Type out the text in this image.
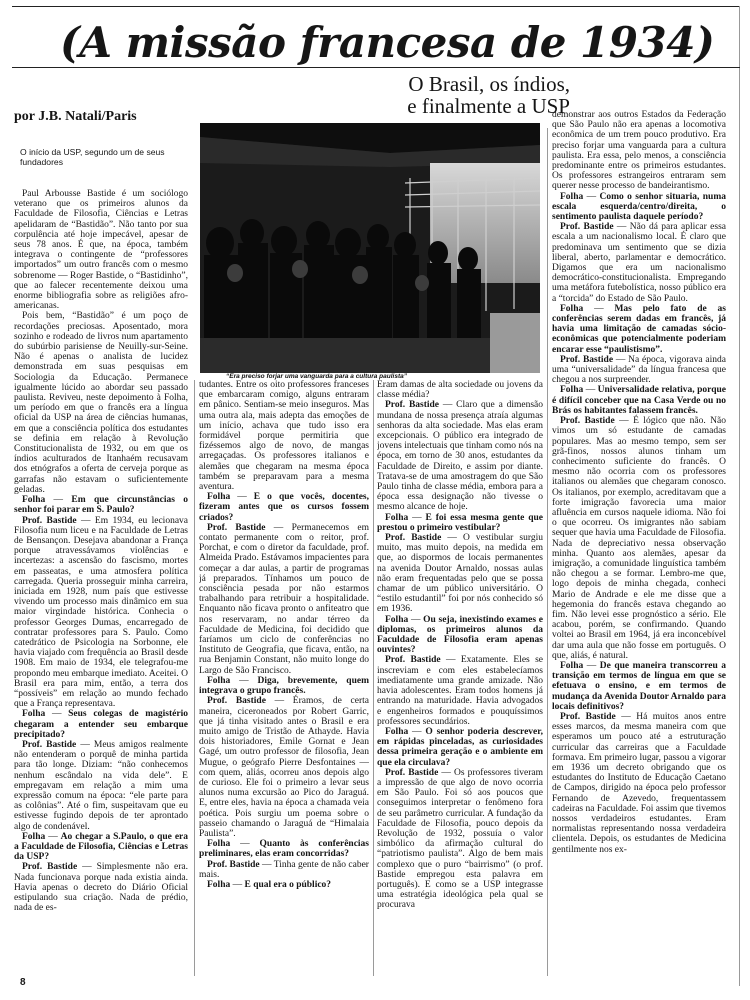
(A missão francesa de 1934)
O Brasil, os índios,
e finalmente a USP
por J.B. Natali/Paris
O início da USP, segundo um de seus fundadores
“Era preciso forjar uma vanguarda para a cultura paulista”

Paul Arbousse Bastide é um sociólogo veterano que os primeiros alunos da Faculdade de Filosofia, Ciências e Letras apelidaram de “Bastidão”. Não tanto por sua corpulência até hoje impecável, apesar de seus 78 anos. É que, na época, também integrava o contingente de “professores importados” um outro francês com o mesmo sobrenome — Roger Bastide, o “Bastidinho”, que ao falecer recentemente deixou uma enorme bibliografia sobre as religiões afro-americanas.

Pois bem, “Bastidão” é um poço de recordações preciosas. Aposentado, mora sozinho e rodeado de livros num apartamento do subúrbio parisiense de Neuilly-sur-Seine. Não é apenas o analista de lucidez demonstrada em suas pesquisas em Sociologia da Educação. Permanece igualmente lúcido ao abordar seu passado paulista. Reviveu, neste depoimento à Folha, um período em que o francês era a língua oficial da USP na área de ciências humanas, em que a consciência política dos estudantes se definia em relação à Revolução Constitucionalista de 1932, ou em que os índios aculturados de Itanhaém recusavam dos etnógrafos a oferta de cerveja porque as garrafas não estavam o suficientemente geladas.

Folha — Em que circunstâncias o senhor foi parar em S. Paulo?

Prof. Bastide — Em 1934, eu lecionava Filosofia num liceu e na Faculdade de Letras de Bensançon. Desejava abandonar a França porque atravessávamos violências e incertezas: a ascensão do fascismo, mortes em passeatas, e uma atmosfera política carregada. Queria prosseguir minha carreira, iniciada em 1928, num país que estivesse vivendo um processo mais dinâmico em sua maior virgindade histórica. Conhecia o professor Georges Dumas, encarregado de contratar professores para S. Paulo. Como catedrático de Psicologia na Sorbonne, ele havia viajado com frequência ao Brasil desde 1908. Em maio de 1934, ele telegrafou-me propondo meu embarque imediato. Aceitei. O Brasil era para mim, então, a terra dos “possíveis” em relação ao mundo fechado que a França representava.

Folha — Seus colegas de magistério chegaram a entender seu embarque precipitado?

Prof. Bastide — Meus amigos realmente não entenderam o porquê de minha partida para tão longe. Diziam: “não conhecemos nenhum escândalo na vida dele”. E empregavam em relação a mim uma expressão comum na época: “ele parte para as colônias”. Até o fim, suspeitavam que eu estivesse fugindo depois de ter aprontado algo de condenável.

Folha — Ao chegar a S.Paulo, o que era a Faculdade de Filosofia, Ciências e Letras da USP?

Prof. Bastide — Simplesmente não era. Nada funcionava porque nada existia ainda. Havia apenas o decreto do Diário Oficial estipulando sua criação. Nada de prédio, nada de es-

tudantes. Entre os oito professores franceses que embarcaram comigo, alguns entraram em pânico. Sentiam-se meio inseguros. Mas uma outra ala, mais adepta das emoções de um início, achava que tudo isso era formidável porque permitiria que fizéssemos algo de novo, de mangas arregaçadas. Os professores italianos e alemães que chegaram na mesma época também se preparavam para a mesma aventura.

Folha — E o que vocês, docentes, fizeram antes que os cursos fossem criados?

Prof. Bastide — Permanecemos em contato permanente com o reitor, prof. Porchat, e com o diretor da faculdade, prof. Almeida Prado. Estávamos impacientes para começar a dar aulas, a partir de programas já preparados. Tínhamos um pouco de consciência pesada por não estarmos trabalhando para retribuir a hospitalidade. Enquanto não ficava pronto o anfiteatro que nos reservaram, no andar térreo da Faculdade de Medicina, foi decidido que faríamos um ciclo de conferências no Instituto de Geografia, que ficava, então, na rua Benjamin Constant, não muito longe do Largo de São Francisco.

Folha — Diga, brevemente, quem integrava o grupo francês.

Prof. Bastide — Éramos, de certa maneira, ciceroneados por Robert Garric, que já tinha visitado antes o Brasil e era muito amigo de Tristão de Athayde. Havia dois historiadores, Emile Gornat e Jean Gagé, um outro professor de filosofia, Jean Mugue, o geógrafo Pierre Desfontaines — com quem, aliás, ocorreu anos depois algo de curioso. Ele foi o primeiro a levar seus alunos numa excursão ao Pico do Jaraguá. E, entre eles, havia na época a chamada veia poética. Pois surgiu um poema sobre o passeio chamando o Jaraguá de “Himalaia Paulista”.

Folha — Quanto às conferências preliminares, elas eram concorridas?

Prof. Bastide — Tinha gente de não caber mais.

Folha — E qual era o público?

Eram damas de alta sociedade ou jovens da classe média?

Prof. Bastide — Claro que a dimensão mundana de nossa presença atraía algumas senhoras da alta sociedade. Mas elas eram excepcionais. O público era integrado de jovens intelectuais que tinham como nós na época, em torno de 30 anos, estudantes da Faculdade de Direito, e assim por diante. Tratava-se de uma amostragem do que São Paulo tinha de classe média, embora para a época essa designação não tivesse o mesmo alcance de hoje.

Folha — E foi essa mesma gente que prestou o primeiro vestibular?

Prof. Bastide — O vestibular surgiu muito, mas muito depois, na medida em que, ao dispormos de locais permanentes na avenida Doutor Arnaldo, nossas aulas não eram frequentadas pelo que se possa chamar de um público universitário. O “estilo estudantil” foi por nós conhecido só em 1936.

Folha — Ou seja, inexistindo exames e diplomas, os primeiros alunos da Faculdade de Filosofia eram apenas ouvintes?

Prof. Bastide — Exatamente. Eles se inscreviam e com eles estabelecíamos imediatamente uma grande amizade. Não havia adolescentes. Eram todos homens já entrando na maturidade. Havia advogados e engenheiros formados e pouquíssimos professores secundários.

Folha — O senhor poderia descrever, em rápidas pinceladas, as curiosidades dessa primeira geração e o ambiente em que ela circulava?

Prof. Bastide — Os professores tiveram a impressão de que algo de novo ocorria em São Paulo. Foi só aos poucos que conseguimos interpretar o fenômeno fora de seu parâmetro curricular. A fundação da Faculdade de Filosofia, pouco depois da Revolução de 1932, possuía o valor simbólico da afirmação cultural do “patriotismo paulista”. Algo de bem mais complexo que o puro “bairrismo” (o prof. Bastide empregou esta palavra em português). E como se a USP integrasse uma estratégia ideológica pela qual se procurava

demonstrar aos outros Estados da Federação que São Paulo não era apenas a locomotiva econômica de um trem pouco produtivo. Era preciso forjar uma vanguarda para a cultura paulista. Era essa, pelo menos, a consciência predominante entre os primeiros estudantes. Os professores estrangeiros entraram sem querer nesse processo de bandeirantismo.

Folha — Como o senhor situaria, numa escala esquerda/centro/direita, o sentimento paulista daquele período?

Prof. Bastide — Não dá para aplicar essa escala a um nacionalismo local. É claro que predominava um sentimento que se dizia liberal, aberto, parlamentar e democrático. Digamos que era um nacionalismo democrático-constitucionalista. Empregando uma metáfora futebolística, nosso público era a “torcida” do Estado de São Paulo.

Folha — Mas pelo fato de as conferências serem dadas em francês, já havia uma limitação de camadas sócio-econômicas que potencialmente poderiam encarar esse “paulistismo”.

Prof. Bastide — Na época, vigorava ainda uma “universalidade” da língua francesa que chegou a nos surpreender.

Folha — Universalidade relativa, porque é difícil conceber que na Casa Verde ou no Brás os habitantes falassem francês.

Prof. Bastide — É lógico que não. Não vimos um só estudante de camadas populares. Mas ao mesmo tempo, sem ser grã-finos, nossos alunos tinham um conhecimento suficiente do francês. O mesmo não ocorria com os professores italianos ou alemães que chegaram conosco. Os italianos, por exemplo, acreditavam que a forte imigração favorecia uma maior afluência em cursos naquele idioma. Não foi o que ocorreu. Os imigrantes não sabiam sequer que havia uma Faculdade de Filosofia. Nada de depreciativo nessa observação minha. Quanto aos alemães, apesar da imigração, a comunidade linguística também não chegou a se formar. Lembro-me que, logo depois de minha chegada, conheci Mario de Andrade e ele me disse que a hegemonia do francês estava chegando ao fim. Não levei esse prognóstico a sério. Ele acabou, porém, se confirmando. Quando voltei ao Brasil em 1964, já era inconcebível dar uma aula que não fosse em português. O que, aliás, é natural.

Folha — De que maneira transcorreu a transição em termos de língua em que se efetuava o ensino, e em termos de mudança da Avenida Doutor Arnaldo para locais definitivos?

Prof. Bastide — Há muitos anos entre esses marcos, da mesma maneira com que esperamos um pouco até a estruturação curricular das carreiras que a Faculdade formava. Em primeiro lugar, passou a vigorar em 1936 um decreto obrigando que os estudantes do Instituto de Educação Caetano de Campos, dirigido na época pelo professor Fernando de Azevedo, frequentassem cadeiras na Faculdade. Foi assim que tivemos nossos verdadeiros estudantes. Eram normalistas representando nossa verdadeira clientela. Depois, os estudantes de Medicina gentilmente nos ex-

8
